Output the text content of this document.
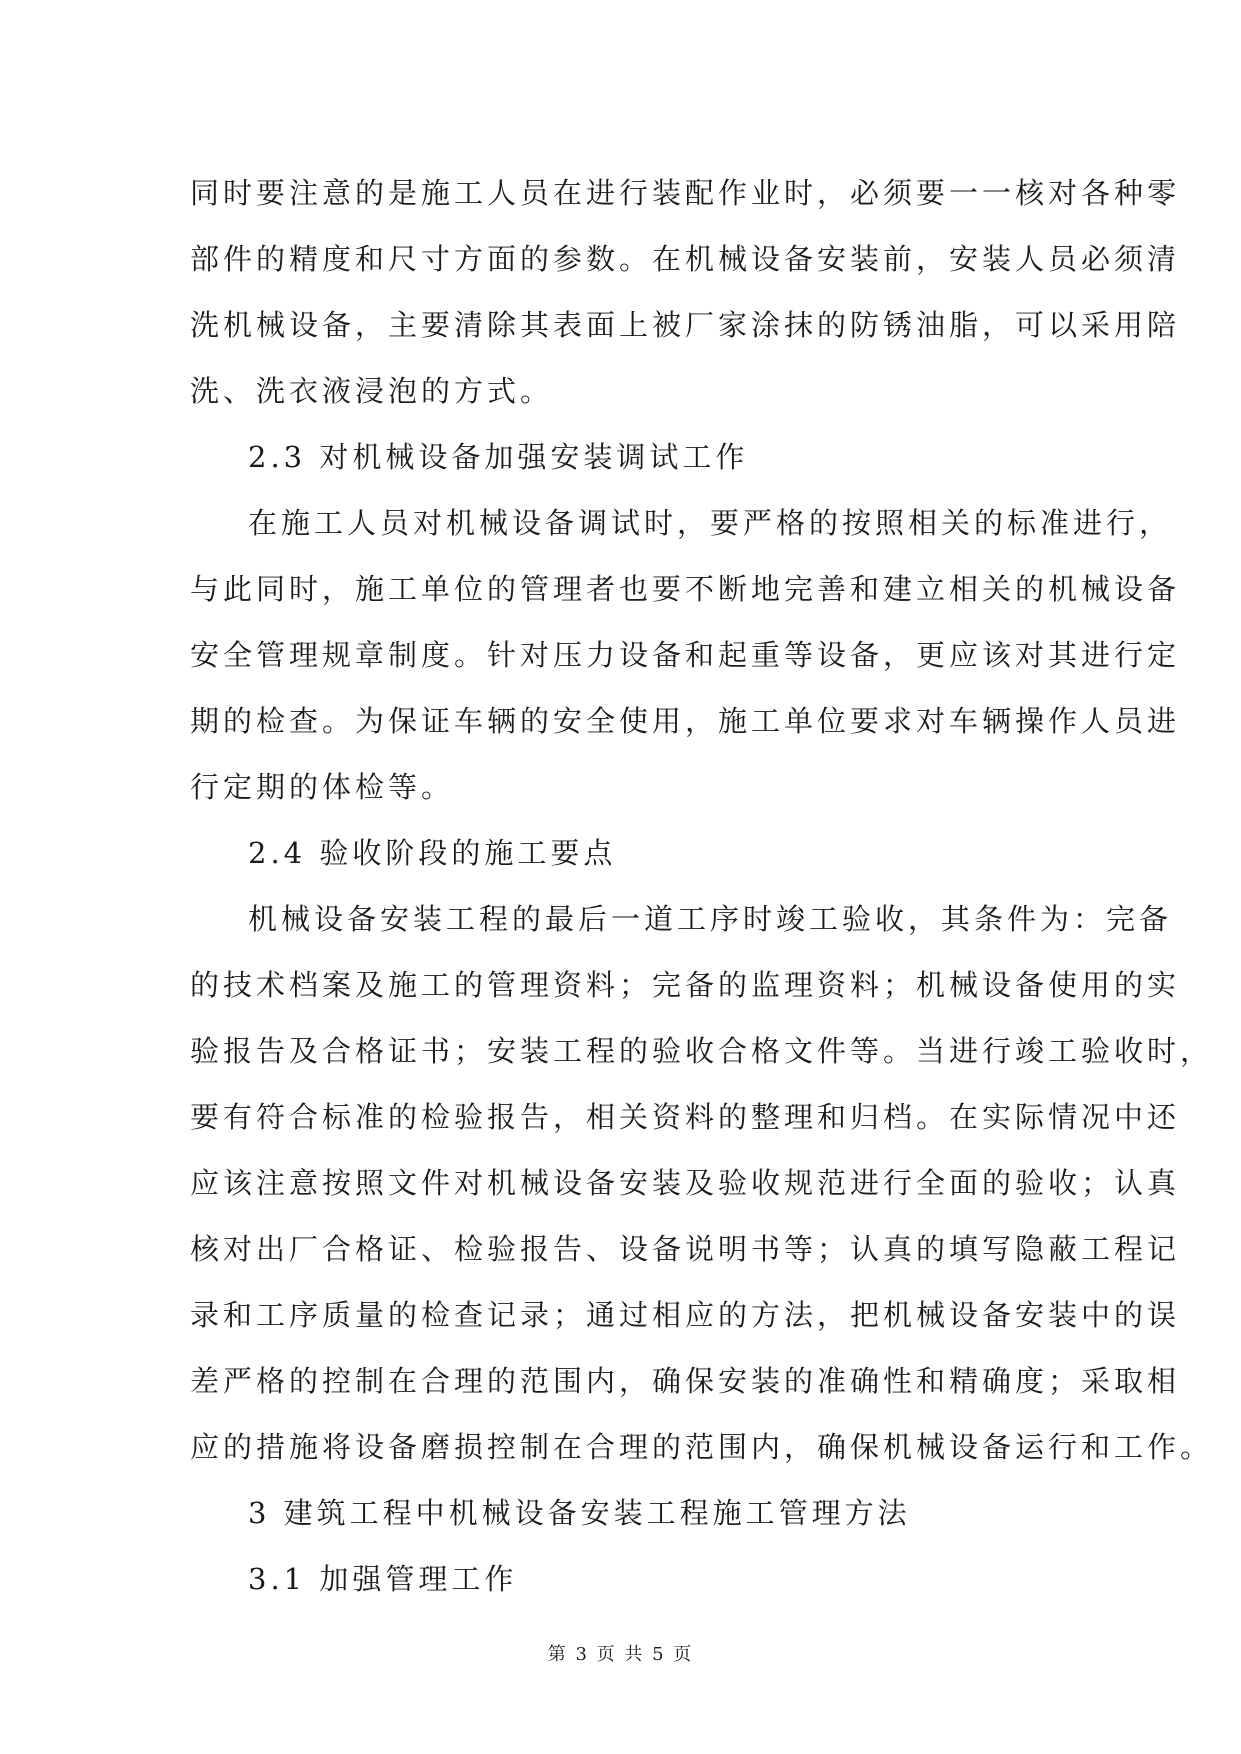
同时要注意的是施工人员在进行装配作业时，必须要一一核对各种零
部件的精度和尺寸方面的参数。在机械设备安装前，安装人员必须清
洗机械设备，主要清除其表面上被厂家涂抹的防锈油脂，可以采用陪
洗、洗衣液浸泡的方式。
2.3 对机械设备加强安装调试工作
在施工人员对机械设备调试时，要严格的按照相关的标准进行，
与此同时，施工单位的管理者也要不断地完善和建立相关的机械设备
安全管理规章制度。针对压力设备和起重等设备，更应该对其进行定
期的检查。为保证车辆的安全使用，施工单位要求对车辆操作人员进
行定期的体检等。
2.4 验收阶段的施工要点
机械设备安装工程的最后一道工序时竣工验收，其条件为：完备
的技术档案及施工的管理资料；完备的监理资料；机械设备使用的实
验报告及合格证书；安装工程的验收合格文件等。当进行竣工验收时，
要有符合标准的检验报告，相关资料的整理和归档。在实际情况中还
应该注意按照文件对机械设备安装及验收规范进行全面的验收；认真
核对出厂合格证、检验报告、设备说明书等；认真的填写隐蔽工程记
录和工序质量的检查记录；通过相应的方法，把机械设备安装中的误
差严格的控制在合理的范围内，确保安装的准确性和精确度；采取相
应的措施将设备磨损控制在合理的范围内，确保机械设备运行和工作。
3 建筑工程中机械设备安装工程施工管理方法
3.1 加强管理工作
第 3 页 共 5 页
